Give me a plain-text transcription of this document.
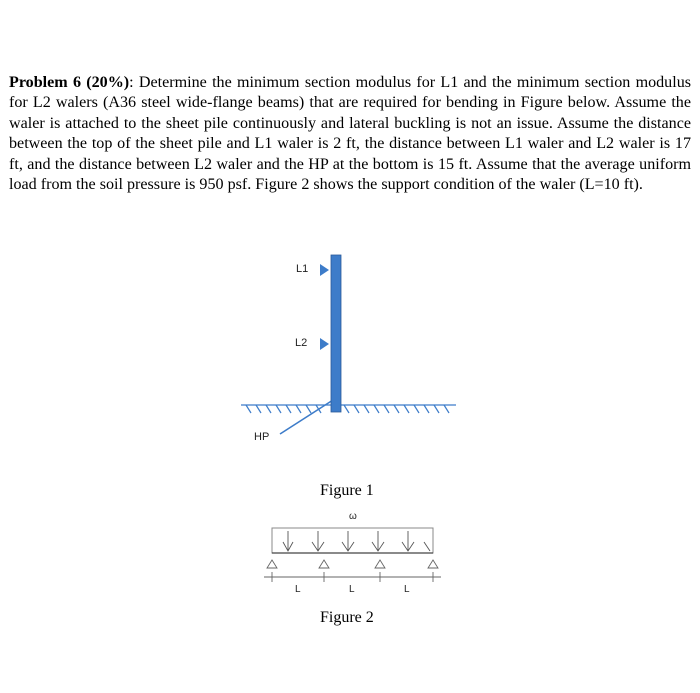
Problem 6 (20%): Determine the minimum section modulus for L1 and the minimum section modulus for L2 walers (A36 steel wide-flange beams) that are required for bending in Figure below. Assume the waler is attached to the sheet pile continuously and lateral buckling is not an issue. Assume the distance between the top of the sheet pile and L1 waler is 2 ft, the distance between L1 waler and L2 waler is 17 ft, and the distance between L2 waler and the HP at the bottom is 15 ft. Assume that the average uniform load from the soil pressure is 950 psf. Figure 2 shows the support condition of the waler (L=10 ft).

L1
L2
HP
Figure 1
ω
L	L	L
Figure 2
